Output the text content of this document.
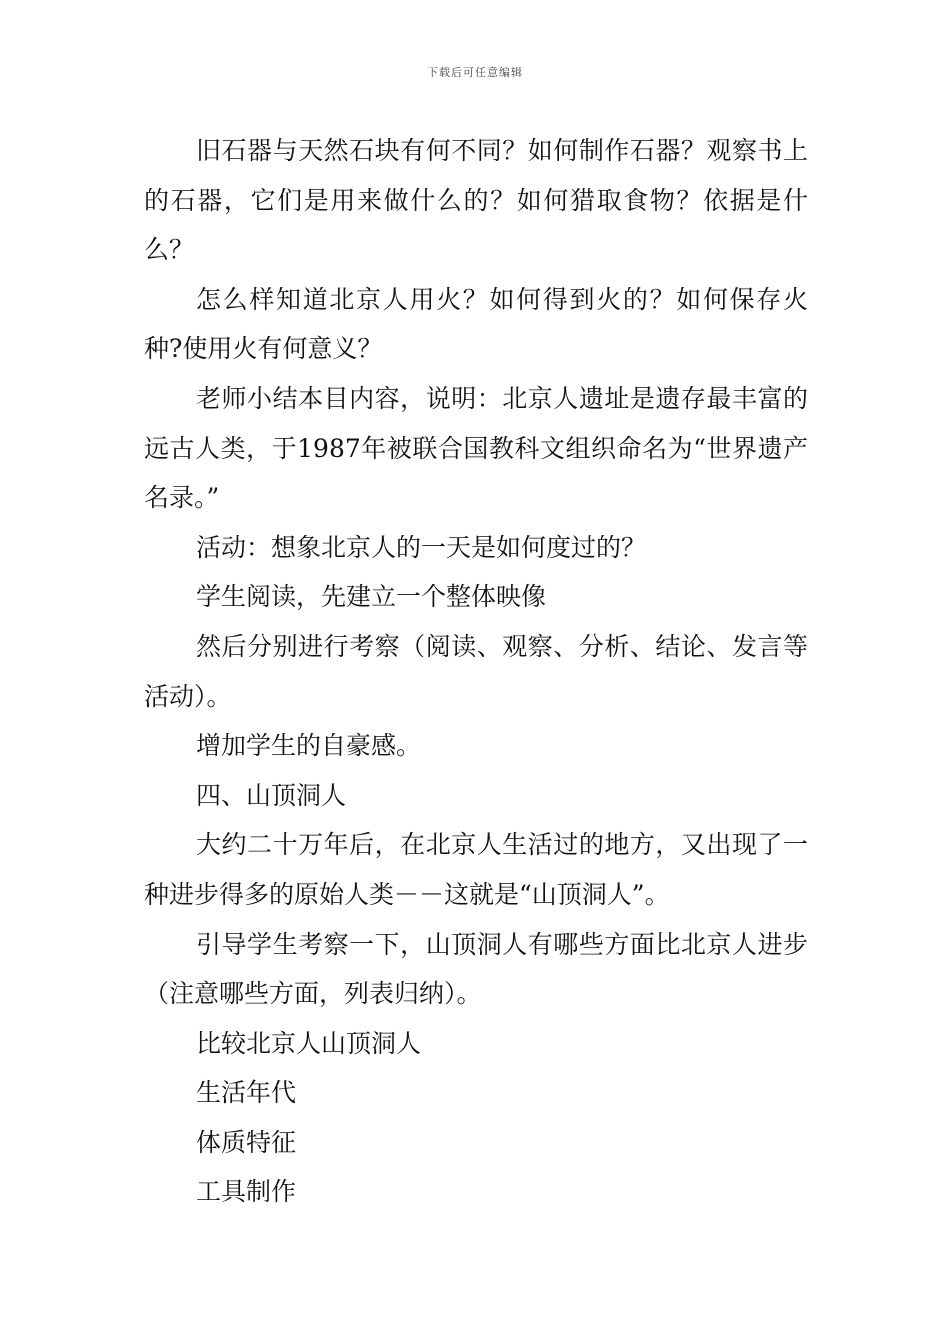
下载后可任意编辑

旧石器与天然石块有何不同？如何制作石器？观察书上的石器，它们是用来做什么的？如何猎取食物？依据是什么？

怎么样知道北京人用火？如何得到火的？如何保存火种?使用火有何意义？

老师小结本目内容，说明：北京人遗址是遗存最丰富的远古人类，于1987年被联合国教科文组织命名为“世界遗产名录。”

活动：想象北京人的一天是如何度过的？

学生阅读，先建立一个整体映像

然后分别进行考察（阅读、观察、分析、结论、发言等活动）。

增加学生的自豪感。

四、山顶洞人

大约二十万年后，在北京人生活过的地方，又出现了一种进步得多的原始人类－－这就是“山顶洞人”。

引导学生考察一下，山顶洞人有哪些方面比北京人进步（注意哪些方面，列表归纳）。

比较北京人山顶洞人

生活年代

体质特征

工具制作
